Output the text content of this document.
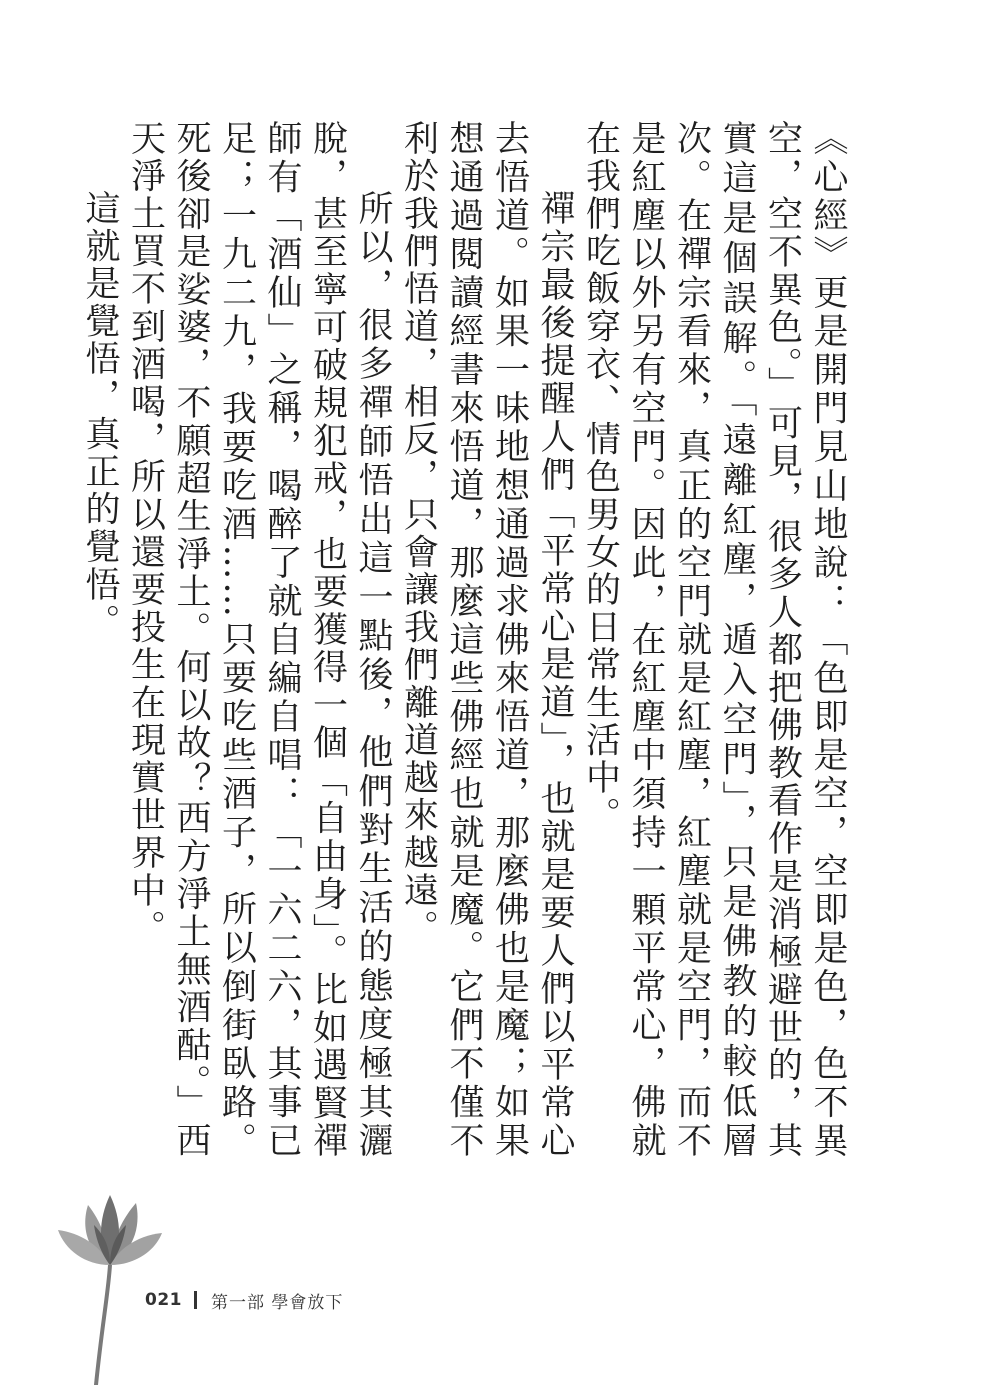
《心經》更是開門見山地說：「色即是空，空即是色，色不異空，空不異色。」可見，很多人都把佛教看作是消極避世的，其實這是個誤解。「遠離紅塵，遁入空門」，只是佛教的較低層次。在禪宗看來，真正的空門就是紅塵，紅塵就是空門，而不是紅塵以外另有空門。因此，在紅塵中須持一顆平常心，佛就在我們吃飯穿衣、情色男女的日常生活中。

禪宗最後提醒人們「平常心是道」，也就是要人們以平常心去悟道。如果一味地想通過求佛來悟道，那麼佛也是魔；如果想通過閱讀經書來悟道，那麼這些佛經也就是魔。它們不僅不利於我們悟道，相反，只會讓我們離道越來越遠。

所以，很多禪師悟出這一點後，他們對生活的態度極其灑脫，甚至寧可破規犯戒，也要獲得一個「自由身」。比如遇賢禪師有「酒仙」之稱，喝醉了就自編自唱：「一六二六，其事已足；一九二九，我要吃酒……只要吃些酒子，所以倒街臥路。死後卻是娑婆，不願超生淨土。何以故？西方淨土無酒酤。」西天淨土買不到酒喝，所以還要投生在現實世界中。

這就是覺悟，真正的覺悟。

021 第一部 學會放下
